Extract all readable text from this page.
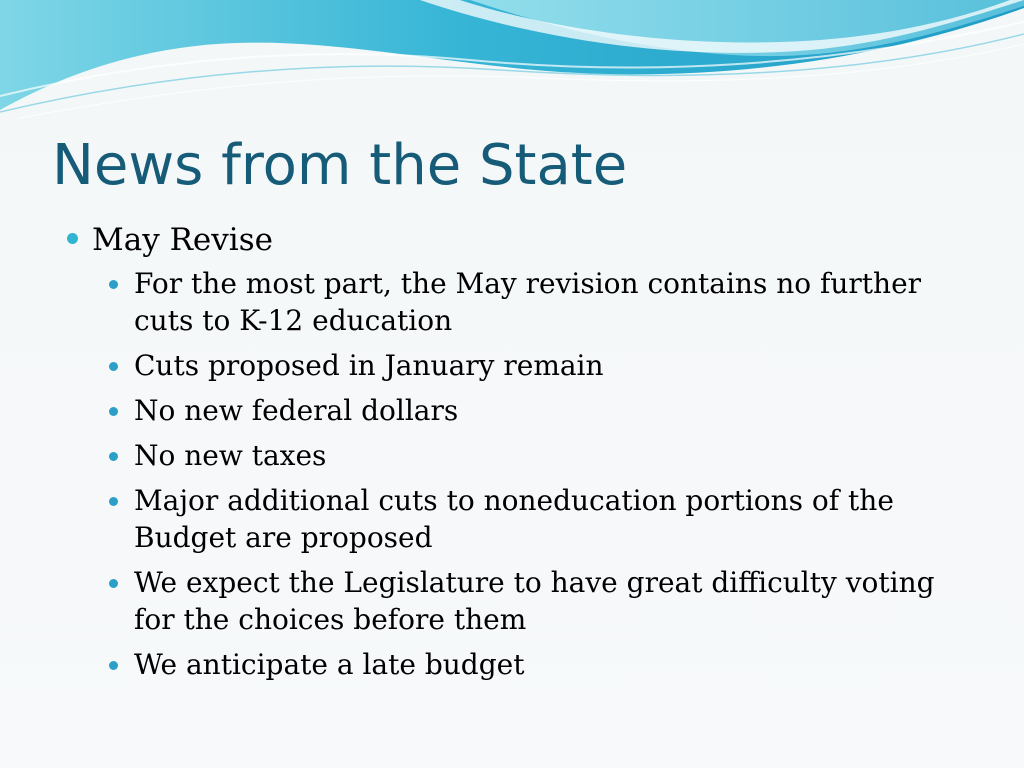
News from the State
May Revise
For the most part, the May revision contains no further cuts to K-12 education
Cuts proposed in January remain
No new federal dollars
No new taxes
Major additional cuts to noneducation portions of the Budget are proposed
We expect the Legislature to have great difficulty voting for the choices before them
We anticipate a late budget
